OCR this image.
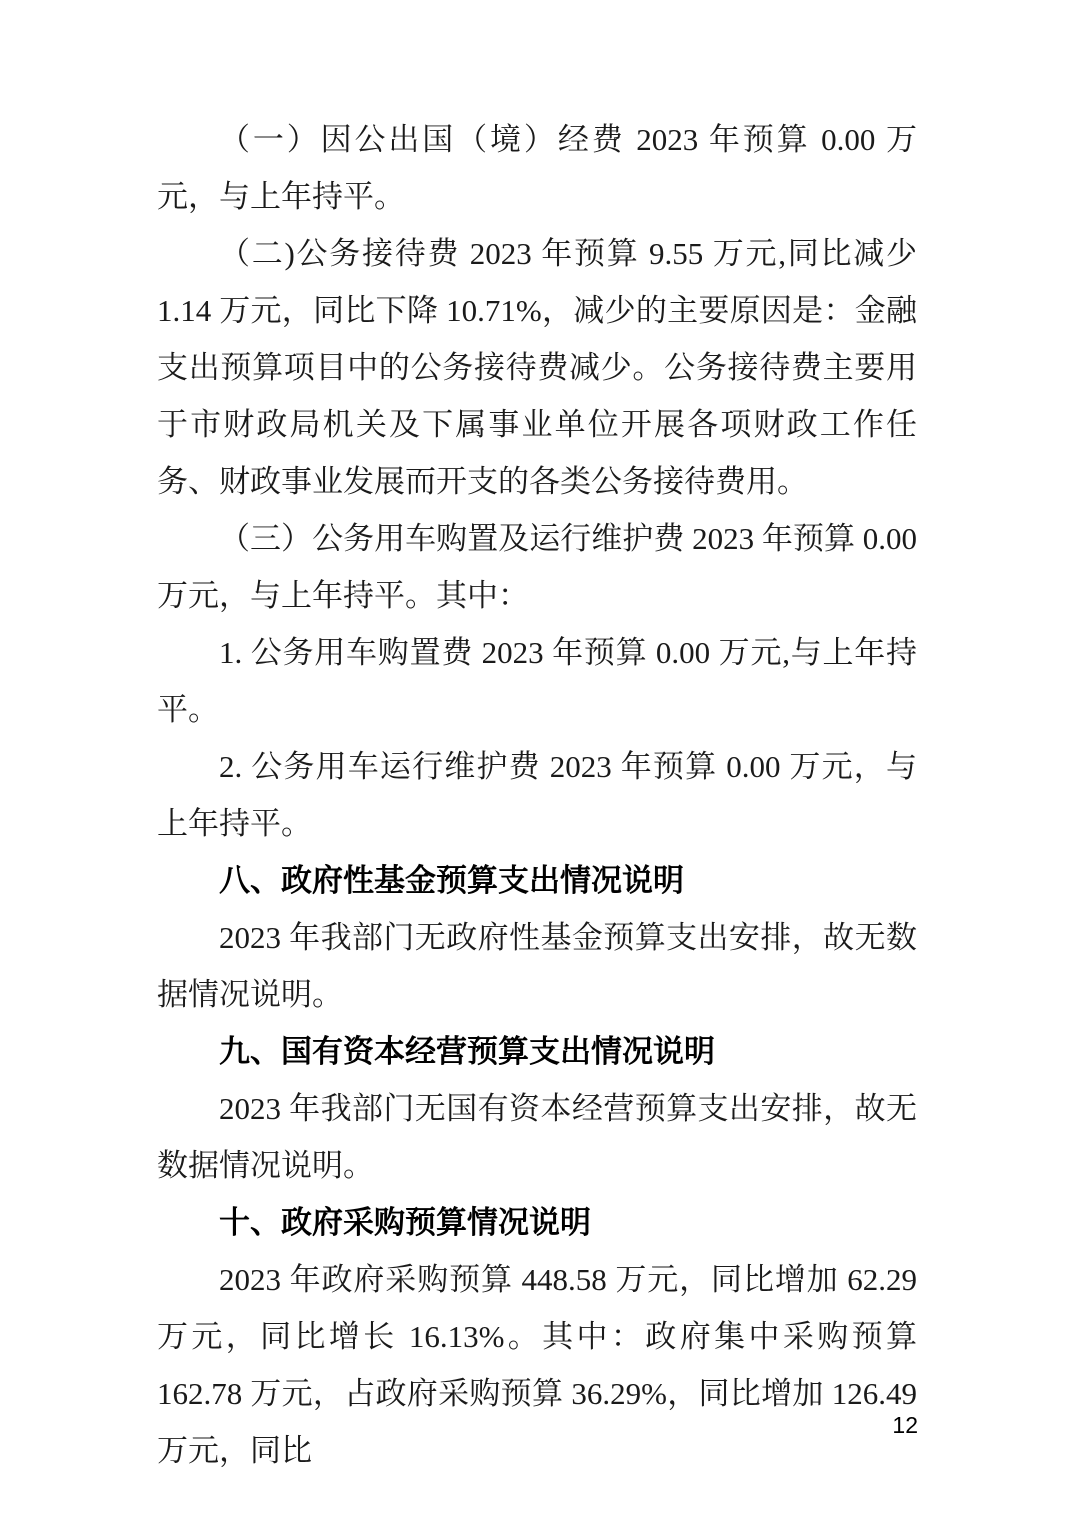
（一）因公出国（境）经费 2023 年预算 0.00 万元，与上年持平。

（二)公务接待费 2023 年预算 9.55 万元,同比减少 1.14 万元，同比下降 10.71%，减少的主要原因是：金融支出预算项目中的公务接待费减少。公务接待费主要用于市财政局机关及下属事业单位开展各项财政工作任务、财政事业发展而开支的各类公务接待费用。

（三）公务用车购置及运行维护费 2023 年预算 0.00 万元，与上年持平。其中：

1. 公务用车购置费 2023 年预算 0.00 万元,与上年持平。

2. 公务用车运行维护费 2023 年预算 0.00 万元，与上年持平。

八、政府性基金预算支出情况说明

2023 年我部门无政府性基金预算支出安排，故无数据情况说明。

九、国有资本经营预算支出情况说明

2023 年我部门无国有资本经营预算支出安排，故无数据情况说明。

十、政府采购预算情况说明

2023 年政府采购预算 448.58 万元，同比增加 62.29 万元，同比增长 16.13%。其中：政府集中采购预算 162.78 万元，占政府采购预算 36.29%，同比增加 126.49 万元，同比

12
